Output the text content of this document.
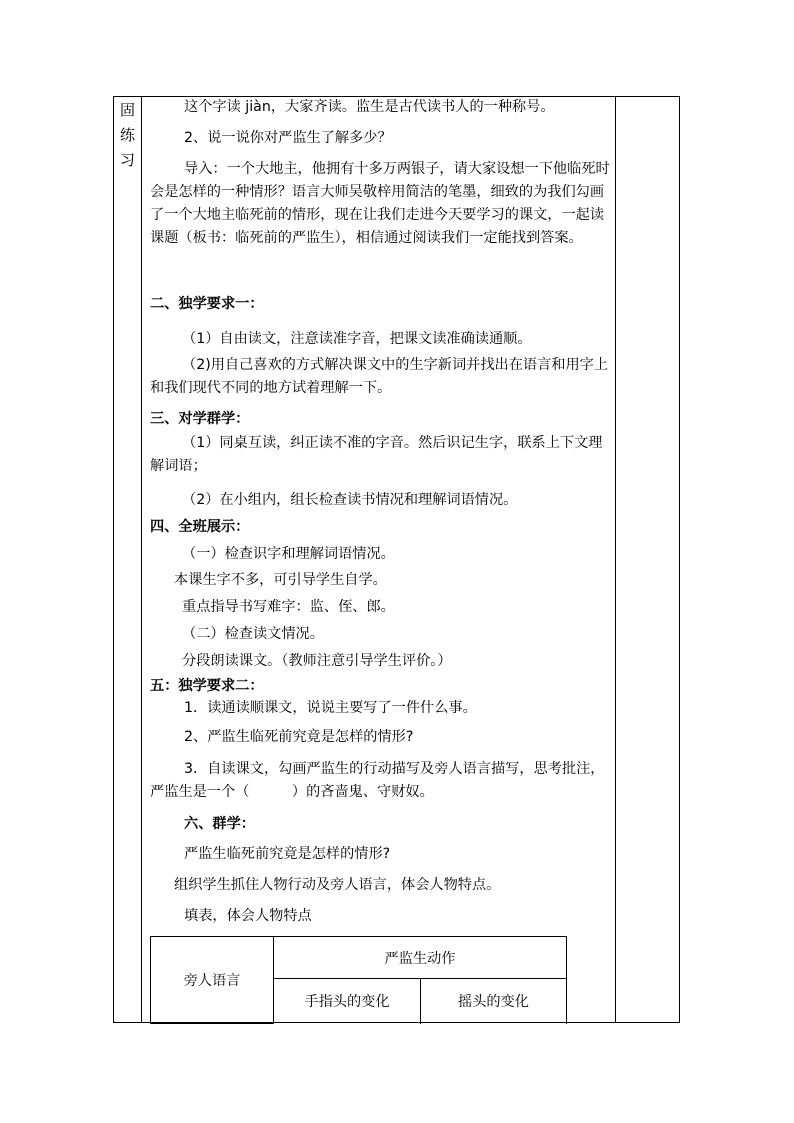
固
练
习
这个字读 jiàn，大家齐读。监生是古代读书人的一种称号。
2、说一说你对严监生了解多少？
导入：一个大地主，他拥有十多万两银子，请大家设想一下他临死时会是怎样的一种情形？语言大师吴敬梓用简洁的笔墨，细致的为我们勾画了一个大地主临死前的情形，现在让我们走进今天要学习的课文，一起读课题（板书：临死前的严监生），相信通过阅读我们一定能找到答案。
二、独学要求一：
（1）自由读文，注意读准字音，把课文读准确读通顺。
（2)用自己喜欢的方式解决课文中的生字新词并找出在语言和用字上和我们现代不同的地方试着理解一下。
三、对学群学：
（1）同桌互读，纠正读不准的字音。然后识记生字，联系上下文理解词语；
（2）在小组内，组长检查读书情况和理解词语情况。
四、全班展示：
（一）检查识字和理解词语情况。
本课生字不多，可引导学生自学。
重点指导书写难字：监、侄、郎。
（二）检查读文情况。
分段朗读课文。（教师注意引导学生评价。）
五：独学要求二：
1．读通读顺课文，说说主要写了一件什么事。
2、严监生临死前究竟是怎样的情形?
3．自读课文，勾画严监生的行动描写及旁人语言描写，思考批注，严监生是一个（　　　）的吝啬鬼、守财奴。
六、群学：
严监生临死前究竟是怎样的情形?
组织学生抓住人物行动及旁人语言，体会人物特点。
填表，体会人物特点
旁人语言	严监生动作	
	手指头的变化	摇头的变化
